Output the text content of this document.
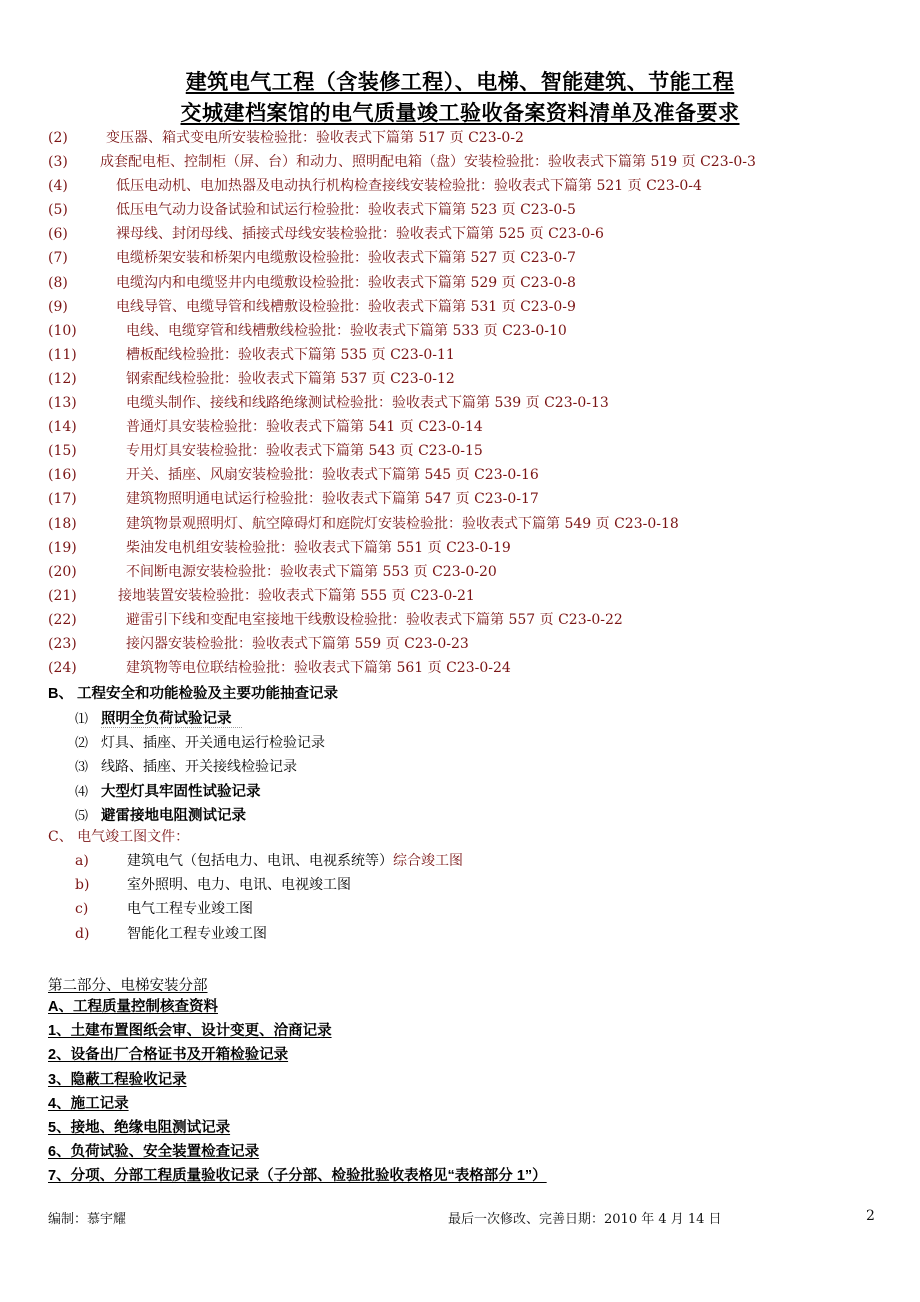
建筑电气工程（含装修工程）、电梯、智能建筑、节能工程
交城建档案馆的电气质量竣工验收备案资料清单及准备要求
(2)	变压器、箱式变电所安装检验批：验收表式下篇第 517 页 C23-0-2
(3) 成套配电柜、控制柜（屏、台）和动力、照明配电箱（盘）安装检验批：验收表式下篇第 519 页 C23-0-3
(4)	低压电动机、电加热器及电动执行机构检查接线安装检验批：验收表式下篇第 521 页 C23-0-4
(5)	低压电气动力设备试验和试运行检验批：验收表式下篇第 523 页 C23-0-5
(6)	裸母线、封闭母线、插接式母线安装检验批：验收表式下篇第 525 页 C23-0-6
(7)	电缆桥架安装和桥架内电缆敷设检验批：验收表式下篇第 527 页 C23-0-7
(8)	电缆沟内和电缆竖井内电缆敷设检验批：验收表式下篇第 529 页 C23-0-8
(9)	电线导管、电缆导管和线槽敷设检验批：验收表式下篇第 531 页 C23-0-9
(10)	电线、电缆穿管和线槽敷线检验批：验收表式下篇第 533 页 C23-0-10
(11)	槽板配线检验批：验收表式下篇第 535 页 C23-0-11
(12)	钢索配线检验批：验收表式下篇第 537 页 C23-0-12
(13)	电缆头制作、接线和线路绝缘测试检验批：验收表式下篇第 539 页 C23-0-13
(14)	普通灯具安装检验批：验收表式下篇第 541 页 C23-0-14
(15)	专用灯具安装检验批：验收表式下篇第 543 页 C23-0-15
(16)	开关、插座、风扇安装检验批：验收表式下篇第 545 页 C23-0-16
(17)	建筑物照明通电试运行检验批：验收表式下篇第 547 页 C23-0-17
(18)	建筑物景观照明灯、航空障碍灯和庭院灯安装检验批：验收表式下篇第 549 页 C23-0-18
(19)	柴油发电机组安装检验批：验收表式下篇第 551 页 C23-0-19
(20)	不间断电源安装检验批：验收表式下篇第 553 页 C23-0-20
(21)	接地装置安装检验批：验收表式下篇第 555 页 C23-0-21
(22)	避雷引下线和变配电室接地干线敷设检验批：验收表式下篇第 557 页 C23-0-22
(23)	接闪器安装检验批：验收表式下篇第 559 页 C23-0-23
(24)	建筑物等电位联结检验批：验收表式下篇第 561 页 C23-0-24
B、 工程安全和功能检验及主要功能抽查记录
⑴ 照明全负荷试验记录
⑵ 灯具、插座、开关通电运行检验记录
⑶ 线路、插座、开关接线检验记录
⑷ 大型灯具牢固性试验记录
⑸ 避雷接地电阻测试记录
C、 电气竣工图文件：
a)	建筑电气（包括电力、电讯、电视系统等）综合竣工图
b)	室外照明、电力、电讯、电视竣工图
c)	电气工程专业竣工图
d)	智能化工程专业竣工图
第二部分、电梯安装分部
A、工程质量控制核查资料
1、土建布置图纸会审、设计变更、洽商记录
2、设备出厂合格证书及开箱检验记录
3、隐蔽工程验收记录
4、施工记录
5、接地、绝缘电阻测试记录
6、负荷试验、安全装置检查记录
7、分项、分部工程质量验收记录（子分部、检验批验收表格见“表格部分 1”）
编制：慕宇耀	最后一次修改、完善日期：2010 年 4 月 14 日	2
